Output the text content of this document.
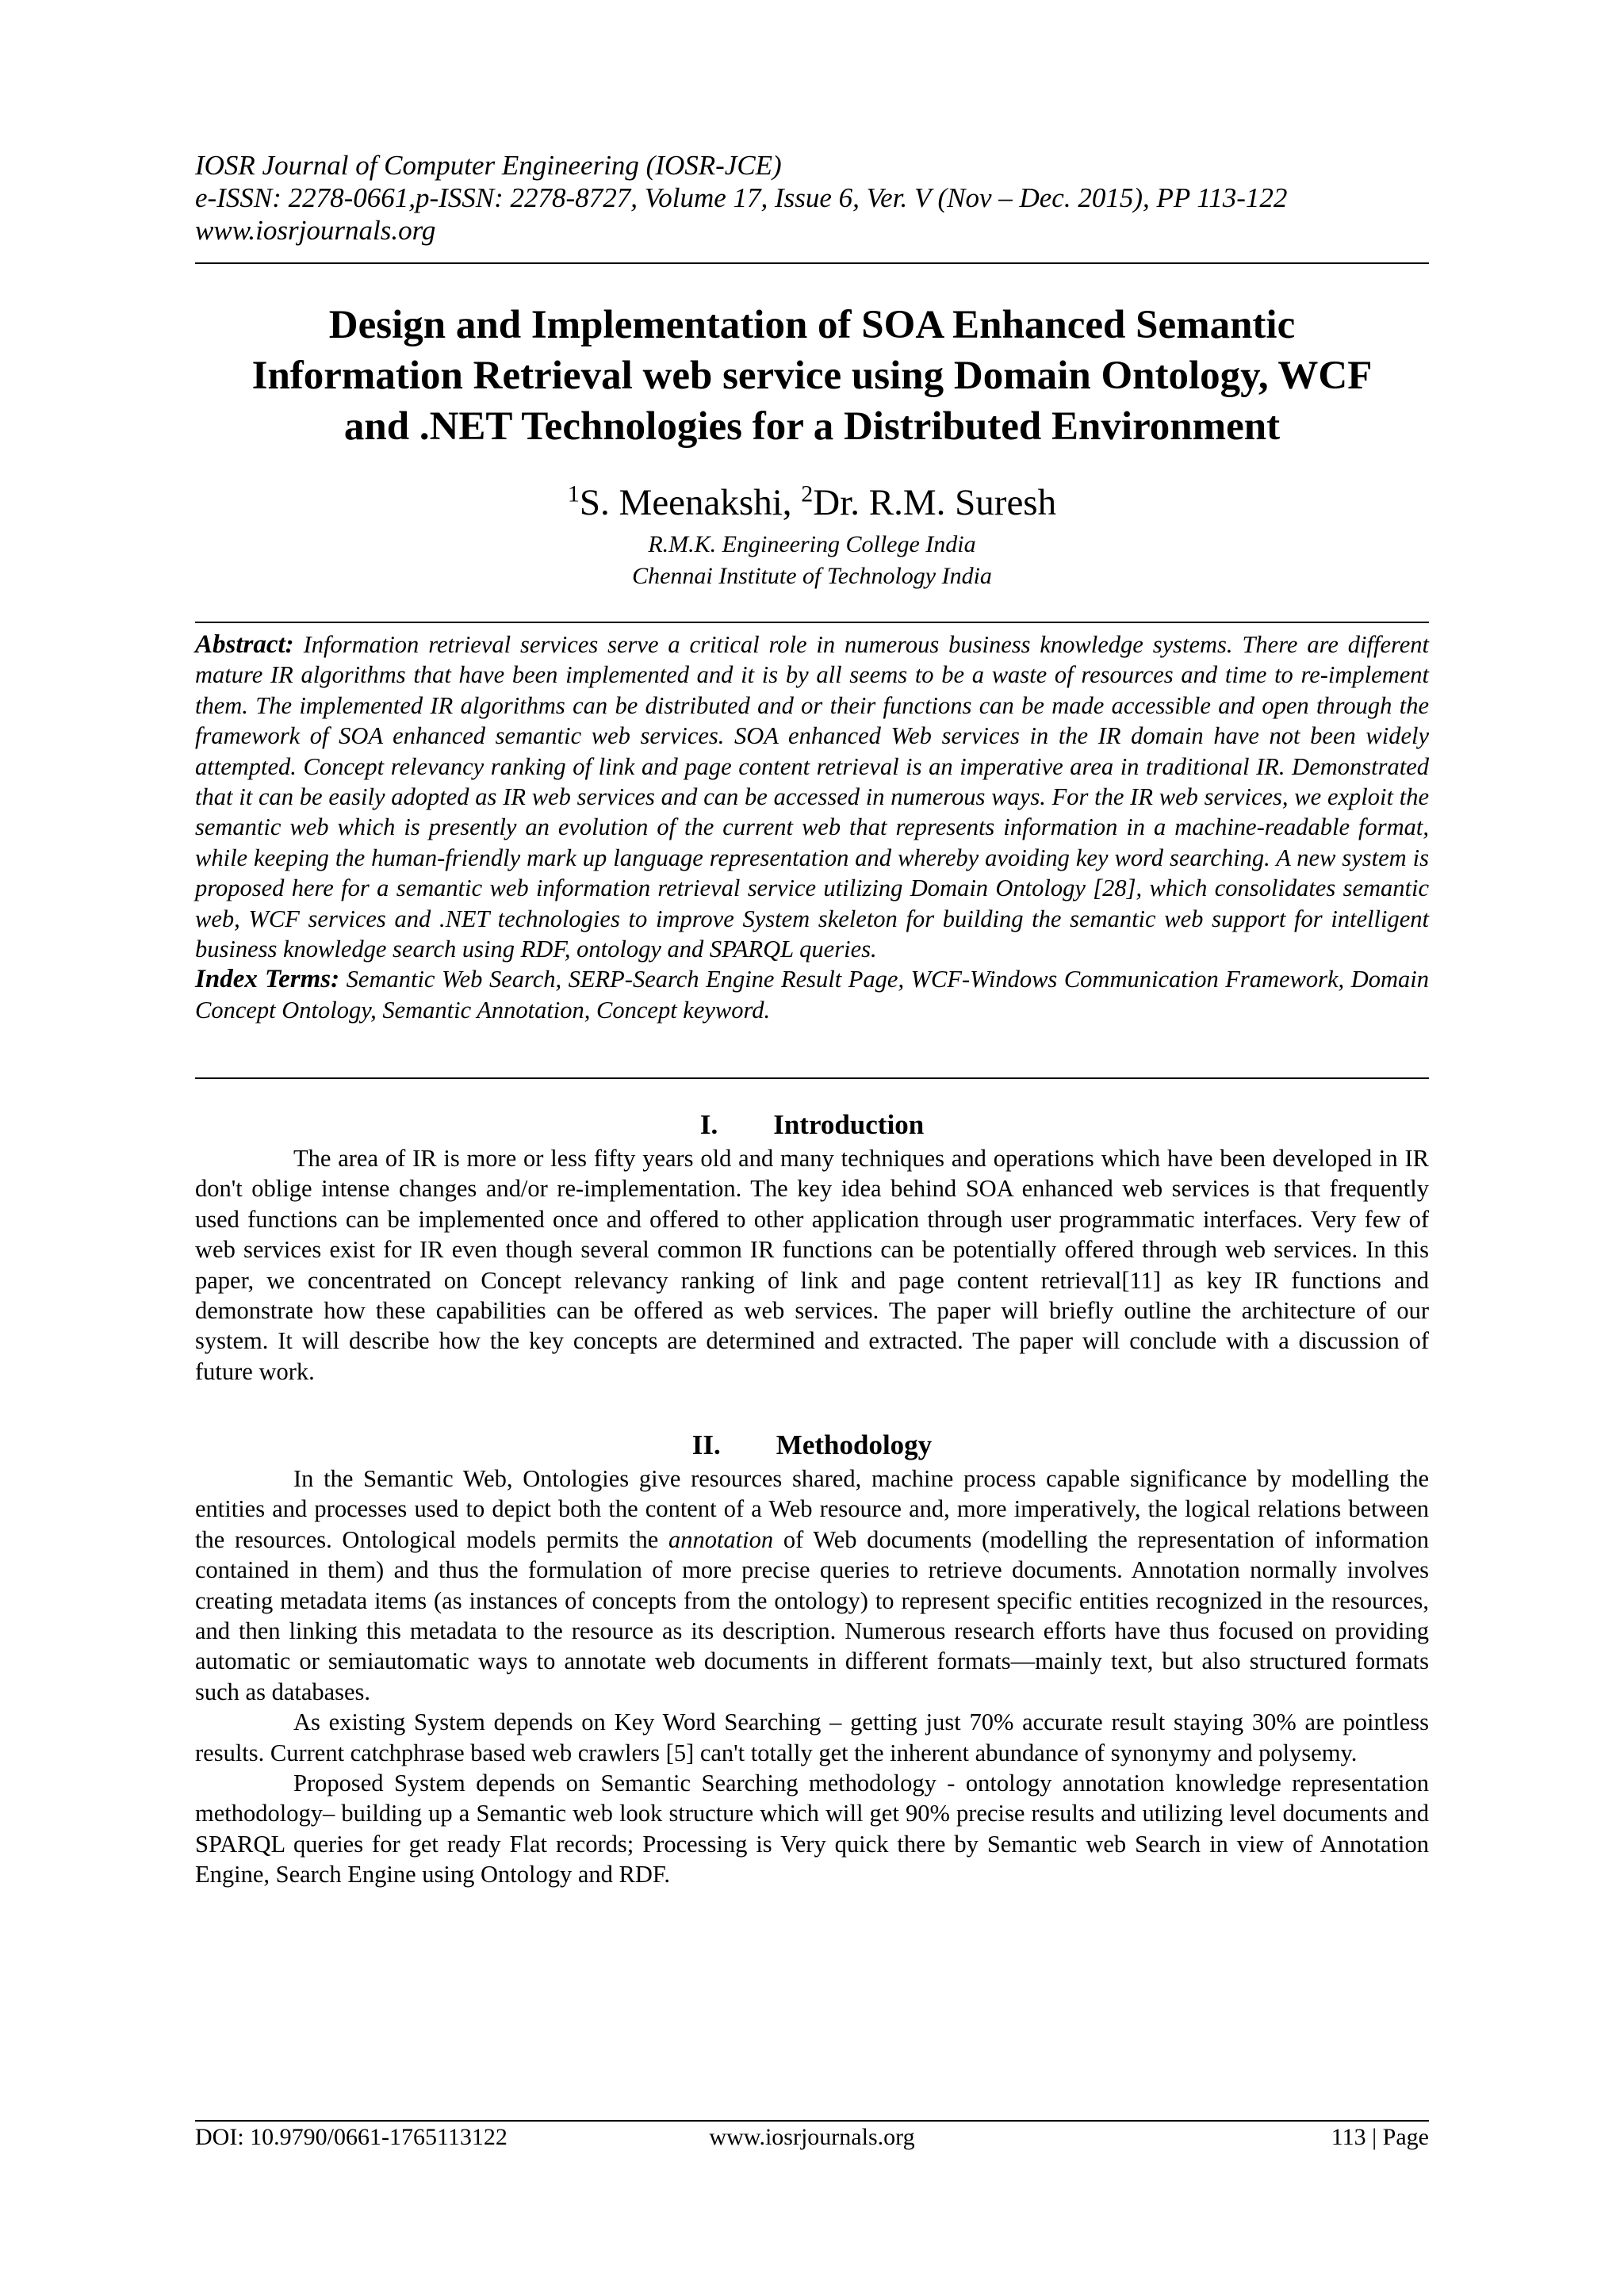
IOSR Journal of Computer Engineering (IOSR-JCE)
e-ISSN: 2278-0661,p-ISSN: 2278-8727, Volume 17, Issue 6, Ver. V (Nov – Dec. 2015), PP 113-122
www.iosrjournals.org
Design and Implementation of SOA Enhanced Semantic
Information Retrieval web service using Domain Ontology, WCF
and .NET Technologies for a Distributed Environment
$^1$S. Meenakshi, $^2$Dr. R.M. Suresh
R.M.K. Engineering College India
Chennai Institute of Technology India
Abstract: Information retrieval services serve a critical role in numerous business knowledge systems. There are different mature IR algorithms that have been implemented and it is by all seems to be a waste of resources and time to re-implement them. The implemented IR algorithms can be distributed and or their functions can be made accessible and open through the framework of SOA enhanced semantic web services. SOA enhanced Web services in the IR domain have not been widely attempted. Concept relevancy ranking of link and page content retrieval is an imperative area in traditional IR. Demonstrated that it can be easily adopted as IR web services and can be accessed in numerous ways. For the IR web services, we exploit the semantic web which is presently an evolution of the current web that represents information in a machine-readable format, while keeping the human-friendly mark up language representation and whereby avoiding key word searching. A new system is proposed here for a semantic web information retrieval service utilizing Domain Ontology [28], which consolidates semantic web, WCF services and .NET technologies to improve System skeleton for building the semantic web support for intelligent business knowledge search using RDF, ontology and SPARQL queries.
Index Terms: Semantic Web Search, SERP-Search Engine Result Page, WCF-Windows Communication Framework, Domain Concept Ontology, Semantic Annotation, Concept keyword.
I. Introduction

The area of IR is more or less fifty years old and many techniques and operations which have been developed in IR don't oblige intense changes and/or re-implementation. The key idea behind SOA enhanced web services is that frequently used functions can be implemented once and offered to other application through user programmatic interfaces. Very few of web services exist for IR even though several common IR functions can be potentially offered through web services. In this paper, we concentrated on Concept relevancy ranking of link and page content retrieval[11] as key IR functions and demonstrate how these capabilities can be offered as web services. The paper will briefly outline the architecture of our system. It will describe how the key concepts are determined and extracted. The paper will conclude with a discussion of future work.

II. Methodology

In the Semantic Web, Ontologies give resources shared, machine process capable significance by modelling the entities and processes used to depict both the content of a Web resource and, more imperatively, the logical relations between the resources. Ontological models permits the annotation of Web documents (modelling the representation of information contained in them) and thus the formulation of more precise queries to retrieve documents. Annotation normally involves creating metadata items (as instances of concepts from the ontology) to represent specific entities recognized in the resources, and then linking this metadata to the resource as its description. Numerous research efforts have thus focused on providing automatic or semiautomatic ways to annotate web documents in different formats—mainly text, but also structured formats such as databases.

As existing System depends on Key Word Searching – getting just 70% accurate result staying 30% are pointless results. Current catchphrase based web crawlers [5] can't totally get the inherent abundance of synonymy and polysemy.

Proposed System depends on Semantic Searching methodology - ontology annotation knowledge representation methodology– building up a Semantic web look structure which will get 90% precise results and utilizing level documents and SPARQL queries for get ready Flat records; Processing is Very quick there by Semantic web Search in view of Annotation Engine, Search Engine using Ontology and RDF.

DOI: 10.9790/0661-1765113122	www.iosrjournals.org	113 | Page
